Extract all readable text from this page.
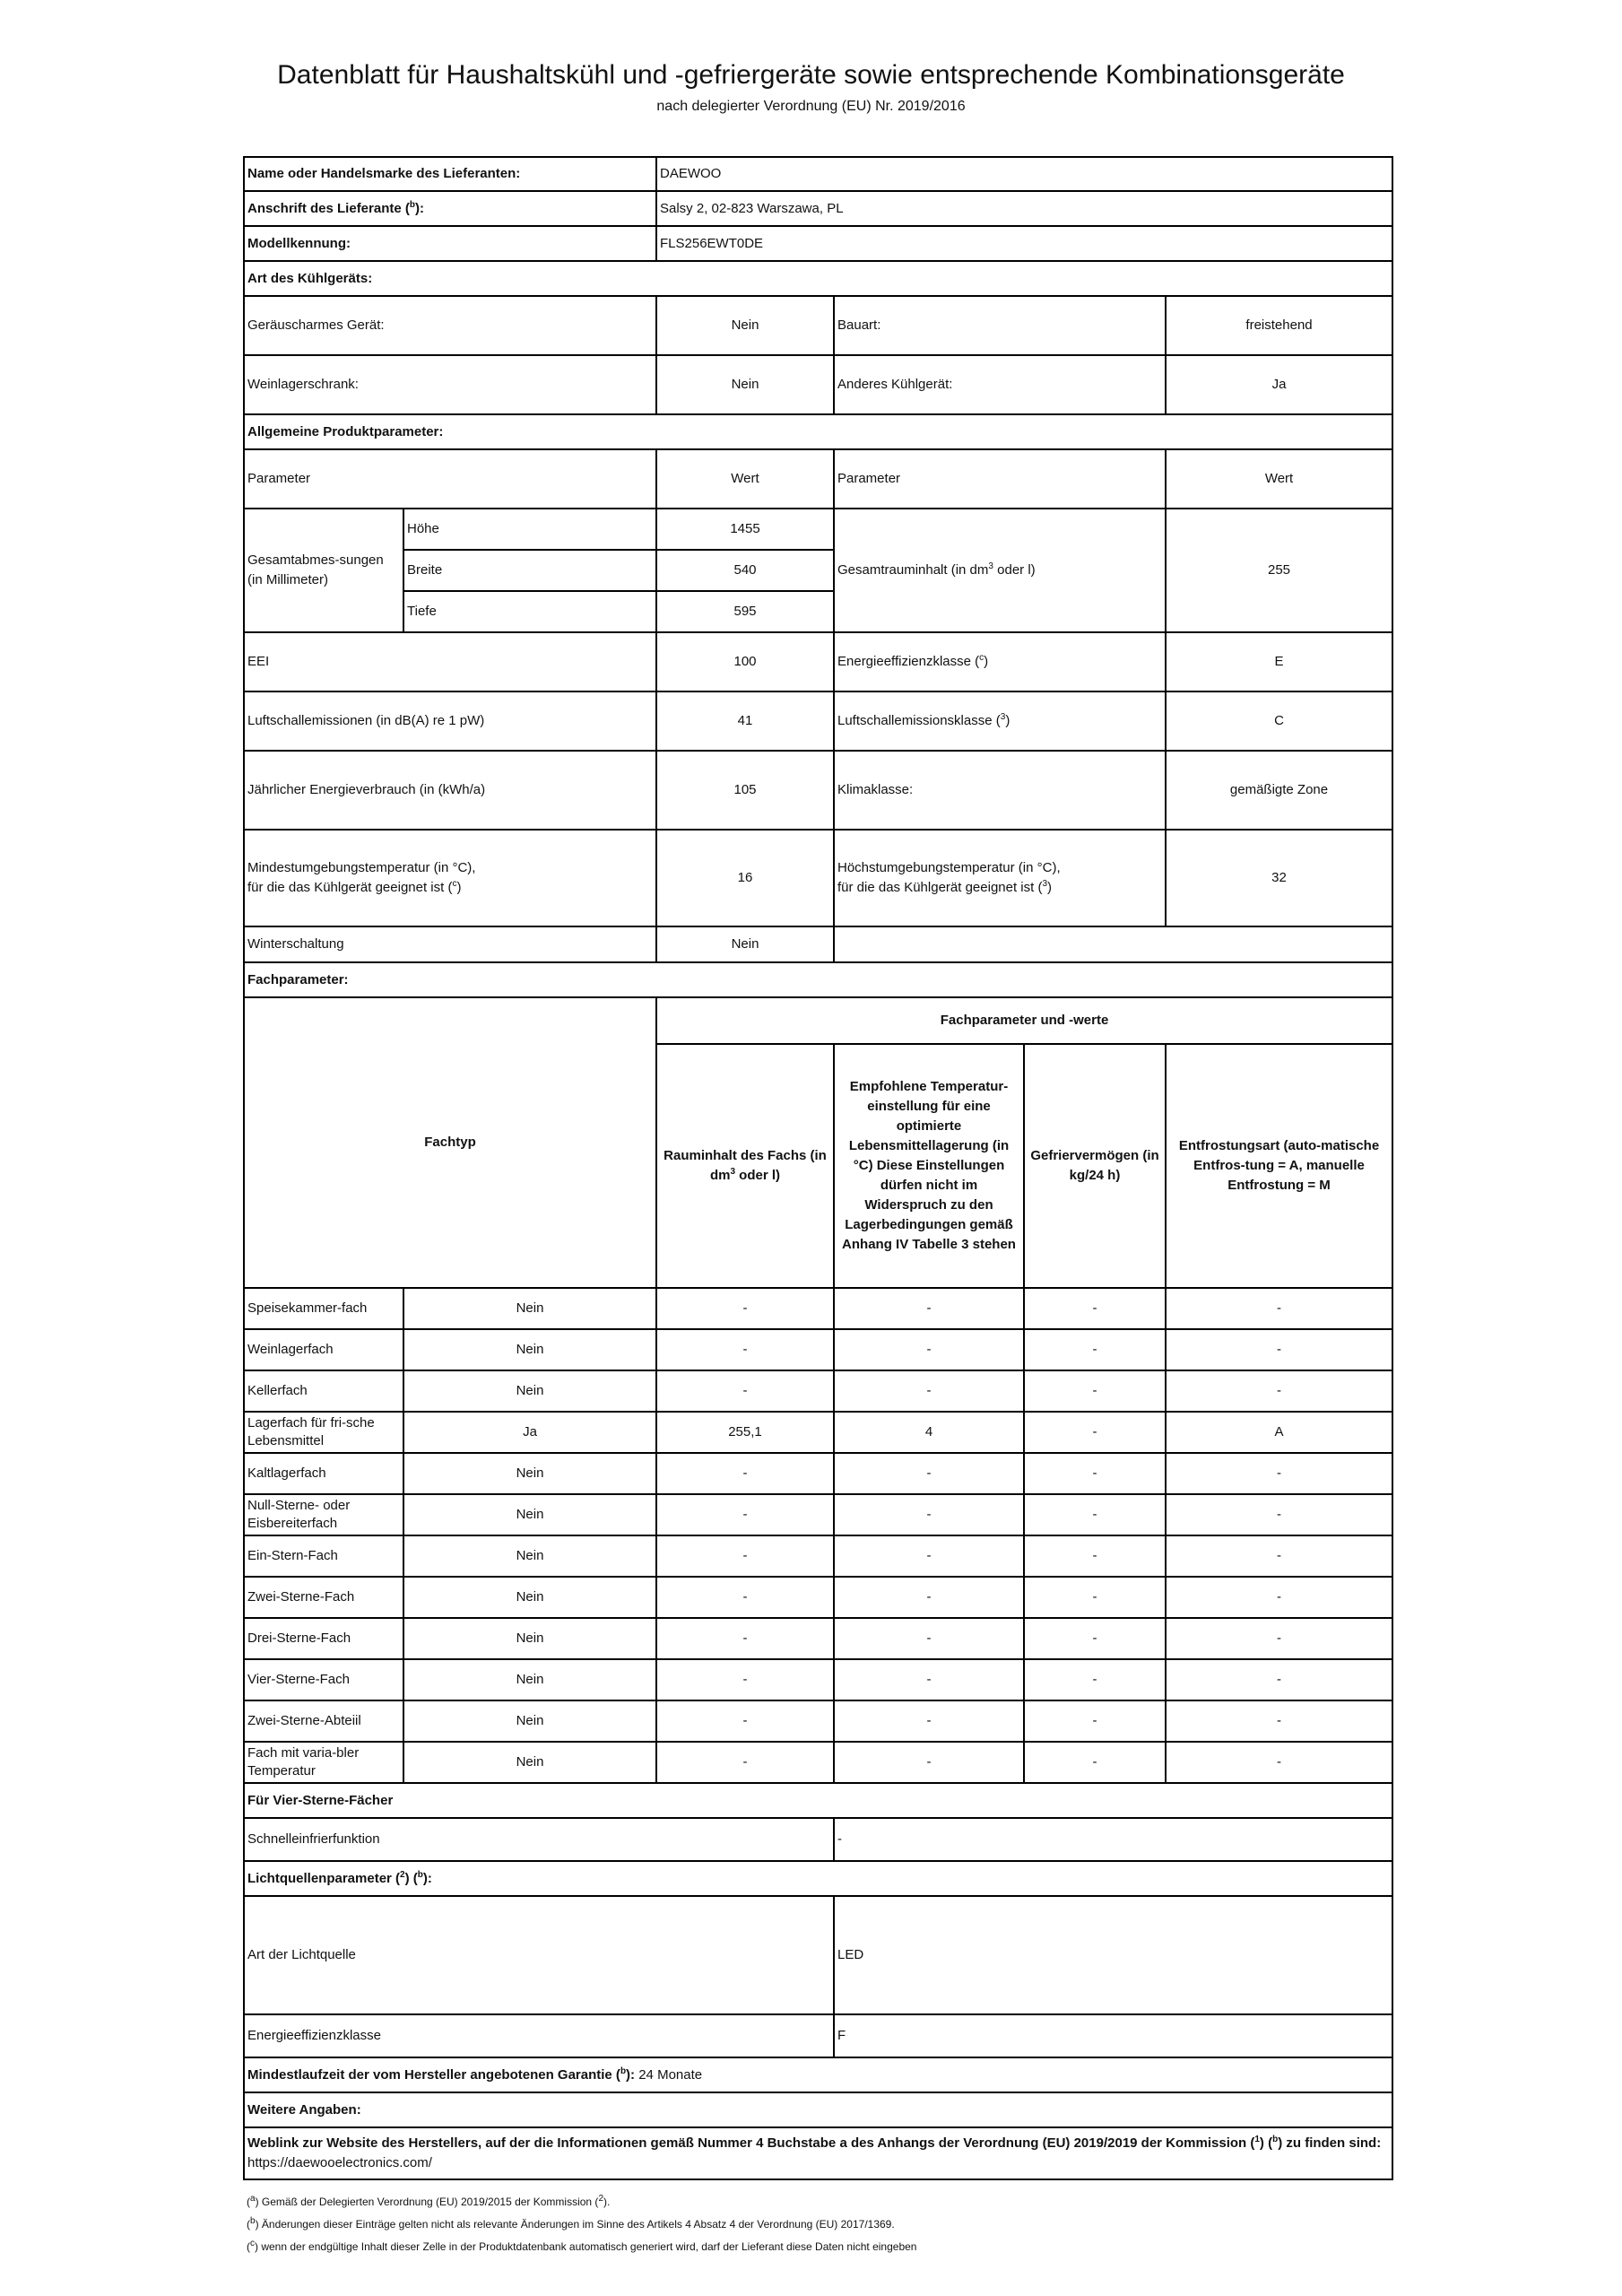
Datenblatt für Haushaltskühl und -gefriergeräte sowie entsprechende Kombinationsgeräte
nach delegierter Verordnung (EU) Nr. 2019/2016
Name oder Handelsmarke des Lieferanten:		DAEWOO			
Anschrift des Lieferante ($^b$):		Salsy 2, 02-823 Warszawa, PL			
Modellkennung:		FLS256EWT0DE			
Art des Kühlgeräts:					
Geräuscharmes Gerät:		Nein	Bauart:		freistehend
Weinlagerschrank:		Nein	Anderes Kühlgerät:		Ja
Allgemeine Produktparameter:					
Parameter		Wert	Parameter		Wert
Gesamtabmes-sungen (in Millimeter)	Höhe	1455	Gesamtrauminhalt (in $dm^3$ oder l)		255
	Breite	540			
	Tiefe	595			
EEI		100	Energieeffizienzklasse ($^c$)		E
Luftschallemissionen (in dB(A) re 1 pW)		41	Luftschallemissionsklasse ($^3$)		C
Jährlicher Energieverbrauch (in (kWh/a)		105	Klimaklasse:		gemäßigte Zone
Mindestumgebungstemperatur (in °C),
für die das Kühlgerät geeignet ist ($^c$)		16	Höchstumgebungstemperatur (in °C),
für die das Kühlgerät geeignet ist ($^3$)		32
Winterschaltung		Nein			
Fachparameter:					
Fachtyp		Fachparameter und -werte			
		Rauminhalt des Fachs (in $dm^3$ oder l)	Empfohlene Temperatur-einstellung für eine optimierte Lebensmittellagerung (in °C) Diese Einstellungen dürfen nicht im Widerspruch zu den Lagerbedingungen gemäß Anhang IV Tabelle 3 stehen	Gefriervermögen (in kg/24 h)	Entfrostungsart (auto-matische Entfros-tung = A, manuelle Entfrostung = M
Speisekammer-fach	Nein	-	-	-	-
Weinlagerfach	Nein	-	-	-	-
Kellerfach	Nein	-	-	-	-
Lagerfach für fri-sche Lebensmittel	Ja	255,1	4	-	A
Kaltlagerfach	Nein	-	-	-	-
Null-Sterne- oder Eisbereiterfach	Nein	-	-	-	-
Ein-Stern-Fach	Nein	-	-	-	-
Zwei-Sterne-Fach	Nein	-	-	-	-
Drei-Sterne-Fach	Nein	-	-	-	-
Vier-Sterne-Fach	Nein	-	-	-	-
Zwei-Sterne-Abteiil	Nein	-	-	-	-
Fach mit varia-bler Temperatur	Nein	-	-	-	-
Für Vier-Sterne-Fächer					
Schnelleinfrierfunktion			-		
Lichtquellenparameter ($^2$) ($^b$):					
Art der Lichtquelle			LED		
Energieeffizienzklasse			F		
Mindestlaufzeit der vom Hersteller angebotenen Garantie ($^b$): 24 Monate					
Weitere Angaben:					
Weblink zur Website des Herstellers, auf der die Informationen gemäß Nummer 4 Buchstabe a des Anhangs der Verordnung (EU) 2019/2019 der Kommission ($^1$) ($^b$) zu finden sind: https://daewooelectronics.com/					
($^a$) Gemäß der Delegierten Verordnung (EU) 2019/2015 der Kommission ($^2$).
($^b$) Änderungen dieser Einträge gelten nicht als relevante Änderungen im Sinne des Artikels 4 Absatz 4 der Verordnung (EU) 2017/1369.
($^c$) wenn der endgültige Inhalt dieser Zelle in der Produktdatenbank automatisch generiert wird, darf der Lieferant diese Daten nicht eingeben
